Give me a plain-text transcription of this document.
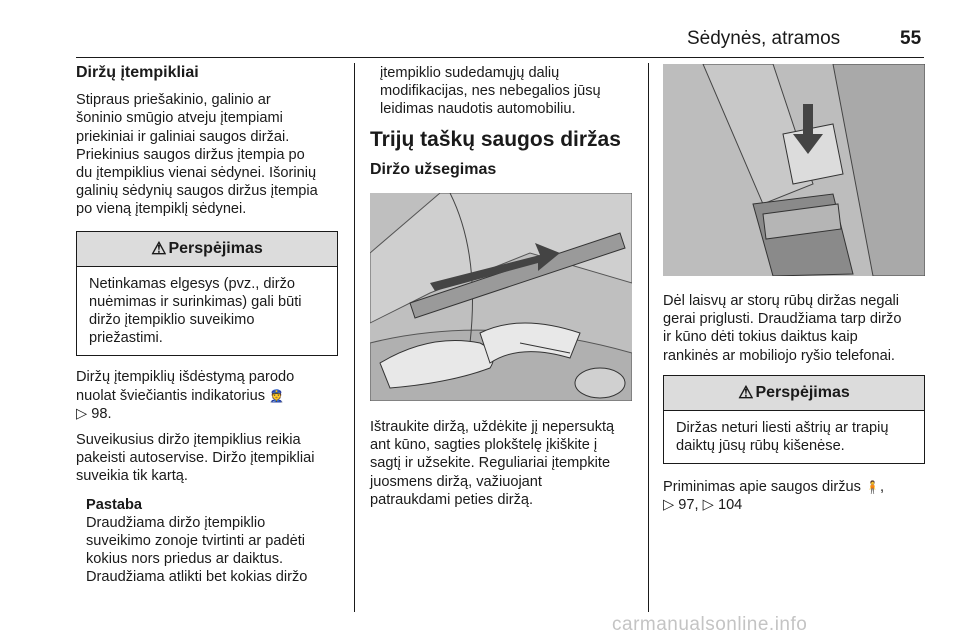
Sėdynės, atramos	55
Diržų įtempikliai
Stipraus priešakinio, galinio ar
šoninio smūgio atveju įtempiami
priekiniai ir galiniai saugos diržai.
Priekinius saugos diržus įtempia po
du įtempiklius vienai sėdynei. Išorinių
galinių sėdynių saugos diržus įtempia
po vieną įtempiklį sėdynei.
⚠ Perspėjimas
Netinkamas elgesys (pvz., diržo
nuėmimas ir surinkimas) gali būti
diržo įtempiklio suveikimo
priežastimi.
Diržų įtempiklių išdėstymą parodo
nuolat šviečiantis indikatorius 👮
▷ 98.
Suveikusius diržo įtempiklius reikia
pakeisti autoservise. Diržo įtempikliai
suveikia tik kartą.
Pastaba
Draudžiama diržo įtempiklio
suveikimo zonoje tvirtinti ar padėti
kokius nors priedus ar daiktus.
Draudžiama atlikti bet kokias diržo
įtempiklio sudedamųjų dalių
modifikacijas, nes nebegalios jūsų
leidimas naudotis automobiliu.
Trijų taškų saugos diržas
Diržo užsegimas
Ištraukite diržą, uždėkite jį nepersuktą
ant kūno, sagties plokštelę įkiškite į
sagtį ir užsekite. Reguliariai įtempkite
juosmens diržą, važiuojant
patraukdami peties diržą.
Dėl laisvų ar storų rūbų diržas negali
gerai priglusti. Draudžiama tarp diržo
ir kūno dėti tokius daiktus kaip
rankinės ar mobiliojo ryšio telefonai.
⚠ Perspėjimas
Diržas neturi liesti aštrių ar trapių
daiktų jūsų rūbų kišenėse.
Priminimas apie saugos diržus 🧍,
▷ 97, ▷ 104
carmanualsonline.info
